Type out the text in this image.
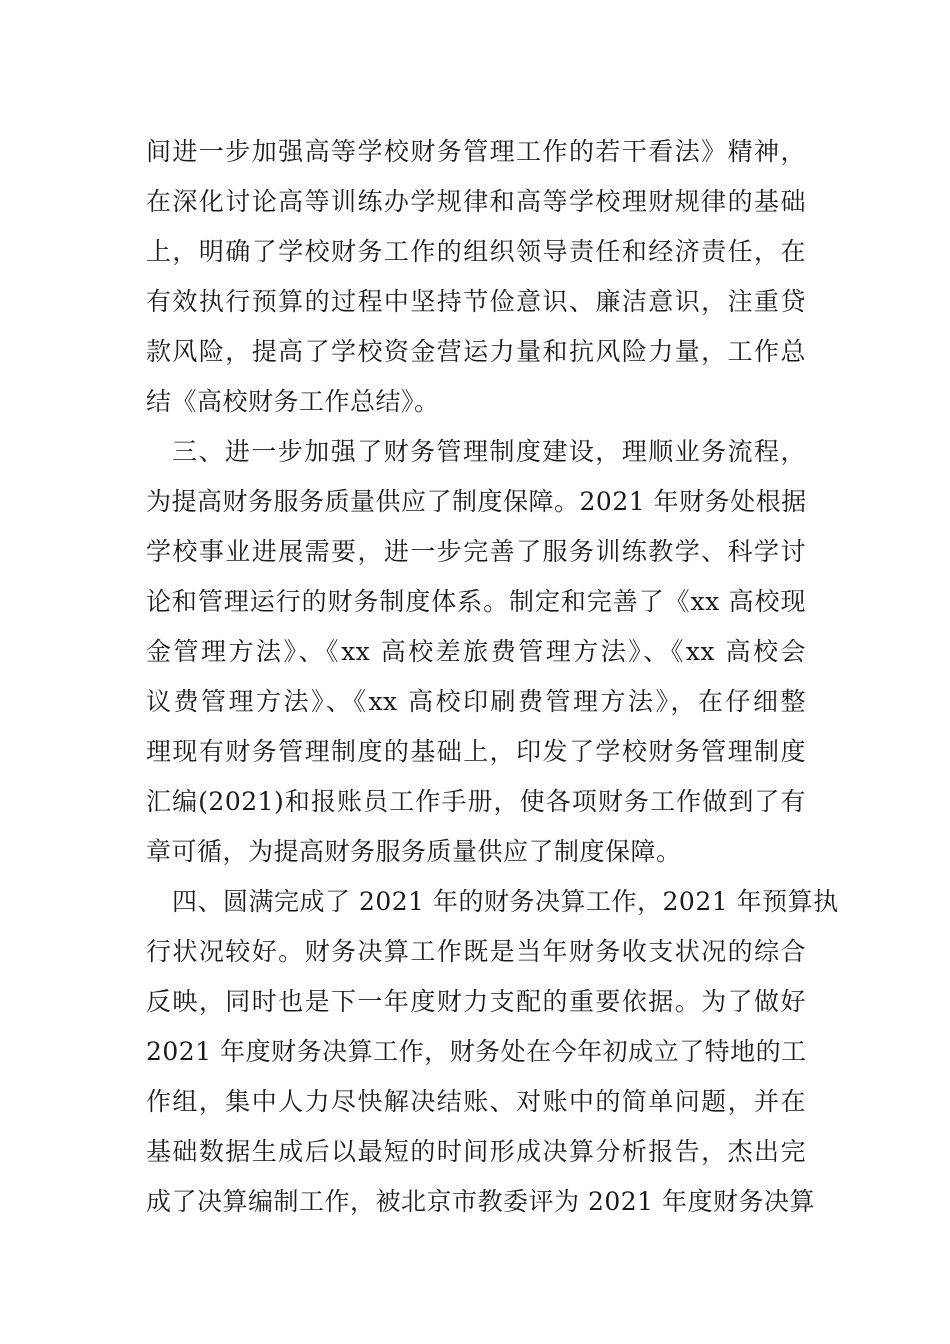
间进一步加强高等学校财务管理工作的若干看法》精神，
在深化讨论高等训练办学规律和高等学校理财规律的基础
上，明确了学校财务工作的组织领导责任和经济责任，在
有效执行预算的过程中坚持节俭意识、廉洁意识，注重贷
款风险，提高了学校资金营运力量和抗风险力量，工作总
结《高校财务工作总结》。
三、进一步加强了财务管理制度建设，理顺业务流程，
为提高财务服务质量供应了制度保障。2021 年财务处根据
学校事业进展需要，进一步完善了服务训练教学、科学讨
论和管理运行的财务制度体系。制定和完善了《xx 高校现
金管理方法》、《xx 高校差旅费管理方法》、《xx 高校会
议费管理方法》、《xx 高校印刷费管理方法》，在仔细整
理现有财务管理制度的基础上，印发了学校财务管理制度
汇编(2021)和报账员工作手册，使各项财务工作做到了有
章可循，为提高财务服务质量供应了制度保障。
四、圆满完成了 2021 年的财务决算工作，2021 年预算执
行状况较好。财务决算工作既是当年财务收支状况的综合
反映，同时也是下一年度财力支配的重要依据。为了做好
2021 年度财务决算工作，财务处在今年初成立了特地的工
作组，集中人力尽快解决结账、对账中的简单问题，并在
基础数据生成后以最短的时间形成决算分析报告，杰出完
成了决算编制工作，被北京市教委评为 2021 年度财务决算
